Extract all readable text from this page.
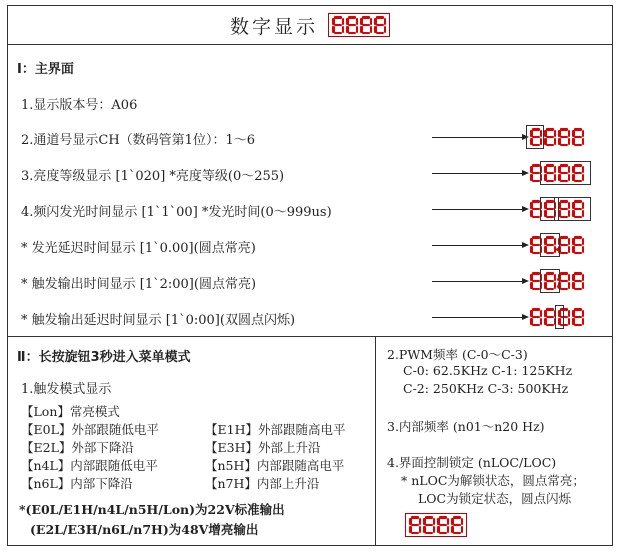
数字显示
Ⅰ：主界面
1.显示版本号：A06
2.通道号显示CH（数码管第1位）：1～6
3.亮度等级显示 [1`020] *亮度等级(0～255)
4.频闪发光时间显示 [1`1`00] *发光时间(0～999us)
* 发光延迟时间显示 [1`0.00](圆点常亮)
* 触发输出时间显示 [1`2:00](圆点常亮)
* 触发输出延迟时间显示 [1`0:00](双圆点闪烁)
Ⅱ：长按旋钮3秒进入菜单模式
1.触发模式显示
【Lon】常亮模式
【E0L】外部跟随低电平	【E1H】外部跟随高电平
【E2L】外部下降沿	【E3H】外部上升沿
【n4L】内部跟随低电平	【n5H】内部跟随高电平
【n6L】内部下降沿	【n7H】内部上升沿
*(E0L/E1H/n4L/n5H/Lon)为22V标准输出
(E2L/E3H/n6L/n7H)为48V增亮输出
2.PWM频率 (C-0～C-3)
C-0: 62.5KHz C-1: 125KHz
C-2: 250KHz C-3: 500KHz
3.内部频率 (n01～n20 Hz)
4.界面控制锁定 (nLOC/LOC)
* nLOC为解锁状态，圆点常亮；
LOC为锁定状态，圆点闪烁
